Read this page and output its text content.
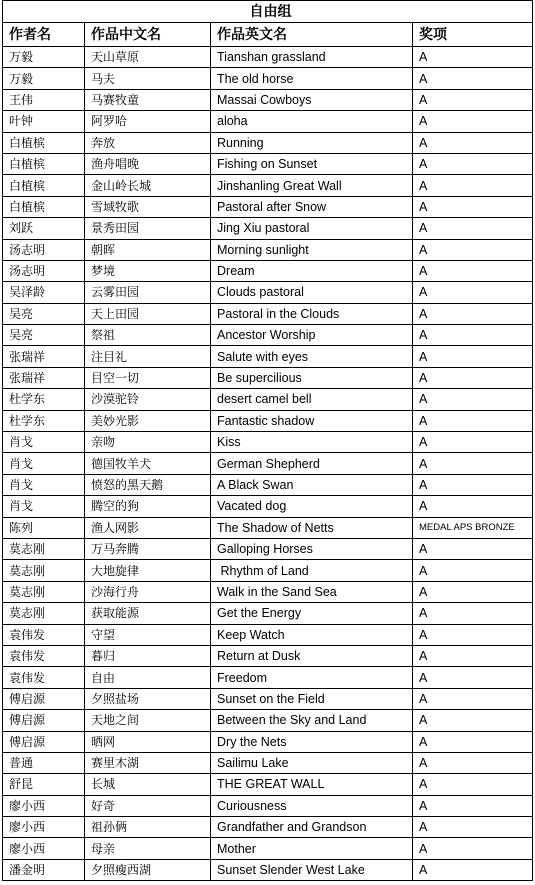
自由组			
作者名	作品中文名	作品英文名	奖项
万毅	天山草原	Tianshan grassland	A
万毅	马夫	The old horse	A
王伟	马赛牧童	Massai Cowboys	A
叶钟	阿罗哈	aloha	A
白植槟	奔放	Running	A
白植槟	渔舟唱晚	Fishing on Sunset	A
白植槟	金山岭长城	Jinshanling Great Wall	A
白植槟	雪域牧歌	Pastoral after Snow	A
刘跃	景秀田园	Jing Xiu pastoral	A
汤志明	朝晖	Morning sunlight	A
汤志明	梦境	Dream	A
吴泽龄	云雾田园	Clouds pastoral	A
吴亮	天上田园	Pastoral in the Clouds	A
吴亮	祭祖	Ancestor Worship	A
张瑞祥	注目礼	Salute with eyes	A
张瑞祥	目空一切	Be supercilious	A
杜学东	沙漠驼铃	desert camel bell	A
杜学东	美妙光影	Fantastic shadow	A
肖戈	亲吻	Kiss	A
肖戈	德国牧羊犬	German Shepherd	A
肖戈	愤怒的黑天鹅	A Black Swan	A
肖戈	腾空的狗	Vacated dog	A
陈列	渔人网影	The Shadow of Netts	MEDAL APS BRONZE
莫志刚	万马奔腾	Galloping Horses	A
莫志刚	大地旋律	Rhythm of Land	A
莫志刚	沙海行舟	Walk in the Sand Sea	A
莫志刚	获取能源	Get the Energy	A
袁伟发	守望	Keep Watch	A
袁伟发	暮归	Return at Dusk	A
袁伟发	自由	Freedom	A
傅启源	夕照盐场	Sunset on the Field	A
傅启源	天地之间	Between the Sky and Land	A
傅启源	晒网	Dry the Nets	A
普通	赛里木湖	Sailimu Lake	A
舒昆	长城	THE GREAT WALL	A
廖小西	好奇	Curiousness	A
廖小西	祖孙俩	Grandfather and Grandson	A
廖小西	母亲	Mother	A
潘金明	夕照瘦西湖	Sunset Slender West Lake	A
